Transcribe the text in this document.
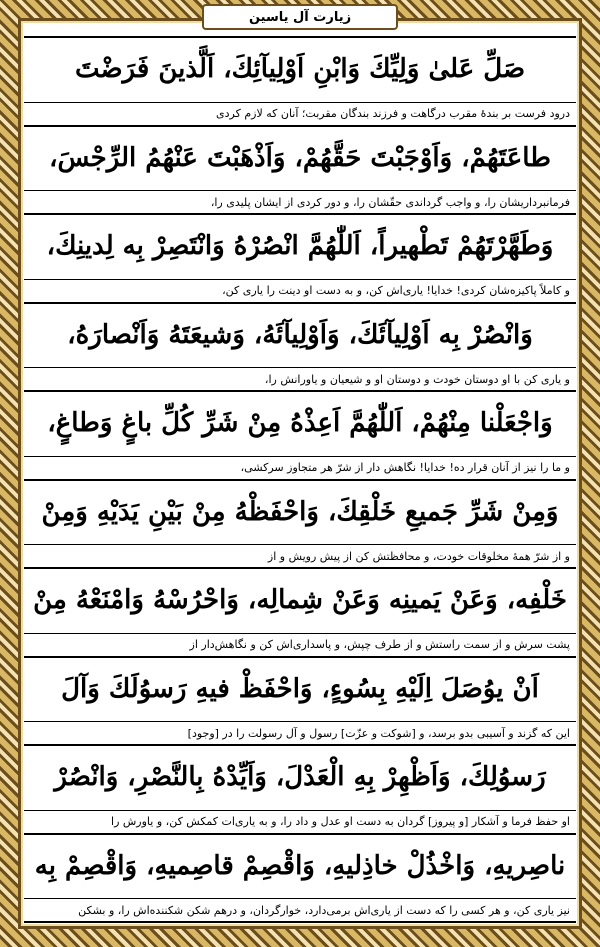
صَلِّ عَلىٰ وَلِيِّكَ وَابْنِ اَوْلِيآئِكَ، اَلَّذينَ فَرَضْتَ
درود فرست بر بندهٔ مقرب درگاهت و فرزند بندگان مقربت؛ آنان که لازم کردی
طاعَتَهُمْ، وَاَوْجَبْتَ حَقَّهُمْ، وَاَذْهَبْتَ عَنْهُمُ الرِّجْسَ،
فرمانبرداریشان را، و واجب گرداندی حقّشان را، و دور کردی از ایشان پلیدی را،
وَطَهَّرْتَهُمْ تَطْهيراً، اَللّٰهُمَّ انْصُرْهُ وَانْتَصِرْ بِه لِدينِكَ،
و کاملاً پاکیزه‌شان کردی! خدایا! یاری‌اش کن، و به دست او دینت را یاری کن،
وَانْصُرْ بِه اَوْلِيآئَكَ، وَاَوْلِيآئَهُ، وَشيعَتَهُ وَاَنْصارَهُ،
و یاری کن با او دوستان خودت و دوستان او و شیعیان و یاورانش را،
وَاجْعَلْنا مِنْهُمْ، اَللّٰهُمَّ اَعِذْهُ مِنْ شَرِّ كُلِّ باغٍ وَطاغٍ،
و ما را نیز از آنان قرار ده! خدایا! نگاهش دار از شرّ هر متجاوز سرکشی،
وَمِنْ شَرِّ جَميعِ خَلْقِكَ، وَاحْفَظْهُ مِنْ بَيْنِ يَدَيْهِ وَمِنْ
و از شرّ همهٔ مخلوقات خودت، و محافظتش کن از پیش رویش و از
خَلْفِه، وَعَنْ يَمينِه وَعَنْ شِمالِه، وَاحْرُسْهُ وَامْنَعْهُ مِنْ
پشت سرش و از سمت راستش و از طرف چپش، و پاسداری‌اش کن و نگاهش‌دار از
اَنْ يوُصَلَ اِلَيْهِ بِسُوءٍ، وَاحْفَظْ فيهِ رَسوُلَكَ وَآلَ
این که گزند و آسیبی بدو برسد، و [شوکت و عزّت] رسول و آل رسولت را در [وجود]
رَسوُلِكَ، وَاَظْهِرْ بِهِ الْعَدْلَ، وَاَيِّدْهُ بِالنَّصْرِ، وَانْصُرْ
او حفظ فرما و آشکار [و پیروز] گردان به دست او عدل و داد را، و به یاری‌ات کمکش کن، و یاورش را
ناصِريهِ، وَاخْذُلْ خاذِليهِ، وَاقْصِمْ قاصِميهِ، وَاقْصِمْ بِه
نیز یاری کن، و هر کسی را که دست از یاری‌اش برمی‌دارد، خوارگردان، و درهم شکن شکننده‌اش را، و بشکن
زیارت آل یاسین
